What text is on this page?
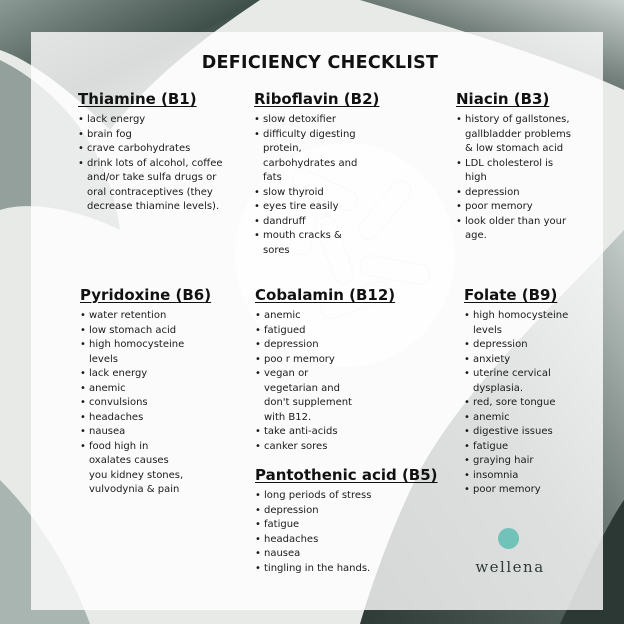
DEFICIENCY CHECKLIST
Thiamine (B1)
• lack energy
• brain fog
• crave carbohydrates
• drink lots of alcohol, coffee and/or take sulfa drugs or oral contraceptives (they decrease thiamine levels).
Riboflavin (B2)
• slow detoxifier
• difficulty digesting protein, carbohydrates and fats
• slow thyroid
• eyes tire easily
• dandruff
• mouth cracks & sores
Niacin (B3)
• history of gallstones, gallbladder problems & low stomach acid
• LDL cholesterol is high
• depression
• poor memory
• look older than your age.
Pyridoxine (B6)
• water retention
• low stomach acid
• high homocysteine levels
• lack energy
• anemic
• convulsions
• headaches
• nausea
• food high in oxalates causes you kidney stones, vulvodynia & pain
Cobalamin (B12)
• anemic
• fatigued
• depression
• poo r memory
• vegan or vegetarian and don't supplement with B12.
• take anti-acids
• canker sores
Folate (B9)
• high homocysteine levels
• depression
• anxiety
• uterine cervical dysplasia.
• red, sore tongue
• anemic
• digestive issues
• fatigue
• graying hair
• insomnia
• poor memory
Pantothenic acid (B5)
• long periods of stress
• depression
• fatigue
• headaches
• nausea
• tingling in the hands.	wellena
